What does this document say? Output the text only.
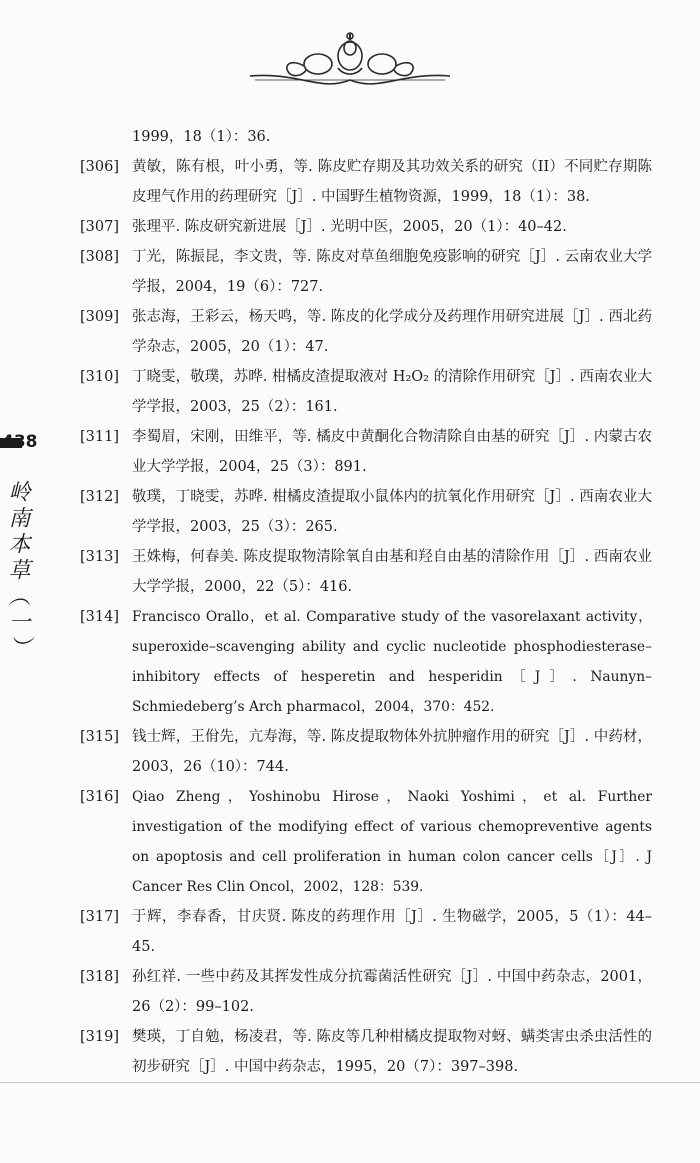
438
岭南本草（一）
1999，18（1）：36.
[306] 黄敏，陈有根，叶小勇，等. 陈皮贮存期及其功效关系的研究（II）不同贮存期陈皮理气作用的药理研究［J］. 中国野生植物资源，1999，18（1）：38.
[307] 张理平. 陈皮研究新进展［J］. 光明中医，2005，20（1）：40–42.
[308] 丁光，陈振昆，李文贵，等. 陈皮对草鱼细胞免疫影响的研究［J］. 云南农业大学学报，2004，19（6）：727.
[309] 张志海，王彩云，杨天鸣，等. 陈皮的化学成分及药理作用研究进展［J］. 西北药学杂志，2005，20（1）：47.
[310] 丁晓雯，敬璞，苏晔. 柑橘皮渣提取液对 H₂O₂ 的清除作用研究［J］. 西南农业大学学报，2003，25（2）：161.
[311] 李蜀眉，宋刚，田维平，等. 橘皮中黄酮化合物清除自由基的研究［J］. 内蒙古农业大学学报，2004，25（3）：891.
[312] 敬璞，丁晓雯，苏晔. 柑橘皮渣提取小鼠体内的抗氧化作用研究［J］. 西南农业大学学报，2003，25（3）：265.
[313] 王姝梅，何春美. 陈皮提取物清除氧自由基和羟自由基的清除作用［J］. 西南农业大学学报，2000，22（5）：416.
[314] Francisco Orallo，et al. Comparative study of the vasorelaxant activity，superoxide–scavenging ability and cyclic nucleotide phosphodiesterase–inhibitory effects of hesperetin and hesperidin［J］. Naunyn–Schmiedeberg’s Arch pharmacol，2004，370：452.
[315] 钱士辉，王佾先，亢寿海，等. 陈皮提取物体外抗肿瘤作用的研究［J］. 中药材，2003，26（10）：744.
[316] Qiao Zheng，Yoshinobu Hirose，Naoki Yoshimi，et al. Further investigation of the modifying effect of various chemopreventive agents on apoptosis and cell proliferation in human colon cancer cells［J］. J Cancer Res Clin Oncol，2002，128：539.
[317] 于辉，李春香，甘庆贤. 陈皮的药理作用［J］. 生物磁学，2005，5（1）：44–45.
[318] 孙红祥. 一些中药及其挥发性成分抗霉菌活性研究［J］. 中国中药杂志，2001，26（2）：99–102.
[319] 樊瑛，丁自勉，杨凌君，等. 陈皮等几种柑橘皮提取物对蚜、螨类害虫杀虫活性的初步研究［J］. 中国中药杂志，1995，20（7）：397–398.
